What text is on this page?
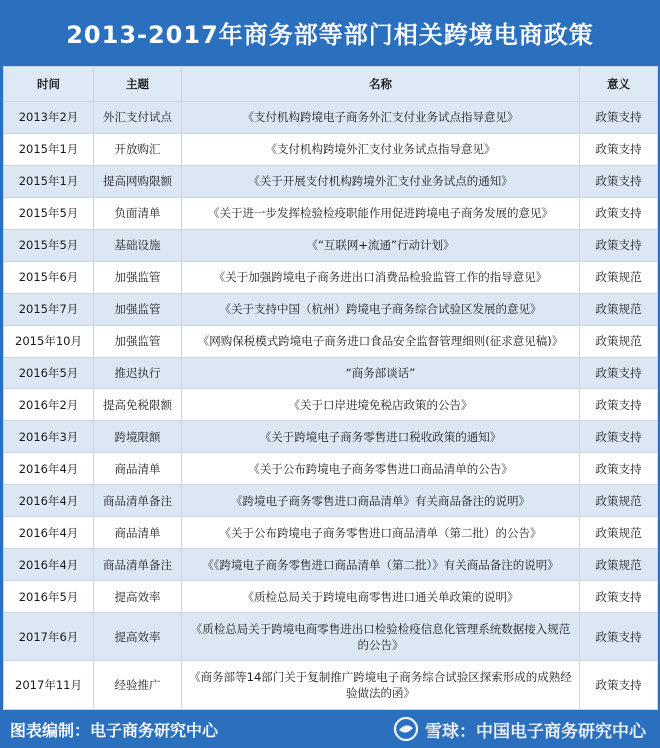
2013-2017年商务部等部门相关跨境电商政策
时间	主题	名称	意义
2013年2月	外汇支付试点	《支付机构跨境电子商务外汇支付业务试点指导意见》	政策支持
2015年1月	开放购汇	《支付机构跨境外汇支付业务试点指导意见》	政策支持
2015年1月	提高网购限额	《关于开展支付机构跨境外汇支付业务试点的通知》	政策支持
2015年5月	负面清单	《关于进一步发挥检验检疫职能作用促进跨境电子商务发展的意见》	政策支持
2015年5月	基础设施	《“互联网+流通”行动计划》	政策支持
2015年6月	加强监管	《关于加强跨境电子商务进出口消费品检验监管工作的指导意见》	政策规范
2015年7月	加强监管	《关于支持中国（杭州）跨境电子商务综合试验区发展的意见》	政策规范
2015年10月	加强监管	《网购保税模式跨境电子商务进口食品安全监督管理细则(征求意见稿)》	政策规范
2016年5月	推迟执行	“商务部谈话”	政策支持
2016年2月	提高免税限额	《关于口岸进境免税店政策的公告》	政策支持
2016年3月	跨境限额	《关于跨境电子商务零售进口税收政策的通知》	政策支持
2016年4月	商品清单	《关于公布跨境电子商务零售进口商品清单的公告》	政策支持
2016年4月	商品清单备注	《跨境电子商务零售进口商品清单》有关商品备注的说明》	政策规范
2016年4月	商品清单	《关于公布跨境电子商务零售进口商品清单（第二批）的公告》	政策规范
2016年4月	商品清单备注	《《跨境电子商务零售进口商品清单（第二批）》有关商品备注的说明》	政策规范
2016年5月	提高效率	《质检总局关于跨境电商零售进口通关单政策的说明》	政策支持
2017年6月	提高效率	《质检总局关于跨境电商零售进出口检验检疫信息化管理系统数据接入规范的公告》	政策支持
2017年11月	经验推广	《商务部等14部门关于复制推广跨境电子商务综合试验区探索形成的成熟经验做法的函》	政策支持
图表编制：电子商务研究中心	雪球：中国电子商务研究中心
